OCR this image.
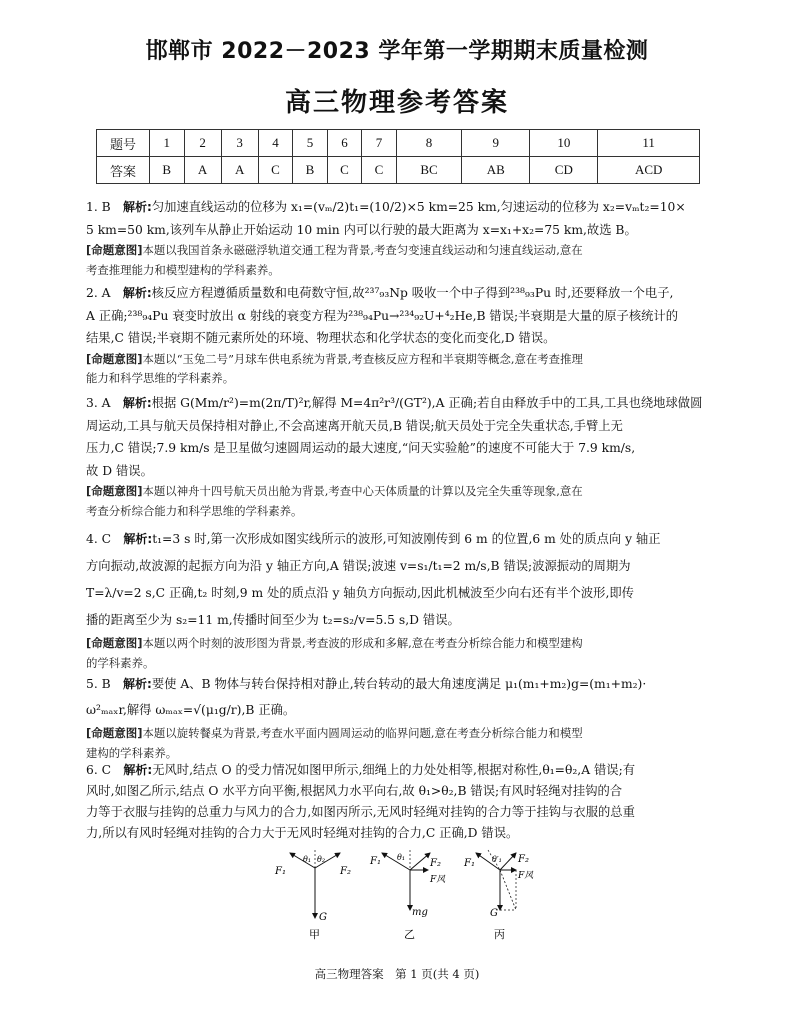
邯郸市 2022－2023 学年第一学期期末质量检测
高三物理参考答案
题号	1	2	3	4	5	6	7	8	9	10	11
答案	B	A	A	C	B	C	C	BC	AB	CD	ACD

1. B　 解析:匀加速直线运动的位移为 x₁=(vₘ/2)t₁=(10/2)×5 km=25 km,匀速运动的位移为 x₂=vₘt₂=10×

5 km=50 km,该列车从静止开始运动 10 min 内可以行驶的最大距离为 x=x₁+x₂=75 km,故选 B。

[命题意图]本题以我国首条永磁磁浮轨道交通工程为背景,考查匀变速直线运动和匀速直线运动,意在

考查推理能力和模型建构的学科素养。

2. A　 解析:核反应方程遵循质量数和电荷数守恒,故²³⁷₉₃Np 吸收一个中子得到²³⁸₉₃Pu 时,还要释放一个电子,

A 正确;²³⁸₉₄Pu 衰变时放出 α 射线的衰变方程为²³⁸₉₄Pu→²³⁴₉₂U+⁴₂He,B 错误;半衰期是大量的原子核统计的

结果,C 错误;半衰期不随元素所处的环境、物理状态和化学状态的变化而变化,D 错误。

[命题意图]本题以“玉兔二号”月球车供电系统为背景,考查核反应方程和半衰期等概念,意在考查推理

能力和科学思维的学科素养。

3. A　 解析:根据 G(Mm/r²)=m(2π/T)²r,解得 M=4π²r³/(GT²),A 正确;若自由释放手中的工具,工具也绕地球做圆

周运动,工具与航天员保持相对静止,不会高速离开航天员,B 错误;航天员处于完全失重状态,手臂上无

压力,C 错误;7.9 km/s 是卫星做匀速圆周运动的最大速度,“问天实验舱”的速度不可能大于 7.9 km/s,

故 D 错误。

[命题意图]本题以神舟十四号航天员出舱为背景,考查中心天体质量的计算以及完全失重等现象,意在

考查分析综合能力和科学思维的学科素养。

4. C　 解析:t₁=3 s 时,第一次形成如图实线所示的波形,可知波刚传到 6 m 的位置,6 m 处的质点向 y 轴正

方向振动,故波源的起振方向为沿 y 轴正方向,A 错误;波速 v=s₁/t₁=2 m/s,B 错误;波源振动的周期为

T=λ/v=2 s,C 正确,t₂ 时刻,9 m 处的质点沿 y 轴负方向振动,因此机械波至少向右还有半个波形,即传

播的距离至少为 s₂=11 m,传播时间至少为 t₂=s₂/v=5.5 s,D 错误。

[命题意图]本题以两个时刻的波形图为背景,考查波的形成和多解,意在考查分析综合能力和模型建构

的学科素养。

5. B　 解析:要使 A、B 物体与转台保持相对静止,转台转动的最大角速度满足 μ₁(m₁+m₂)g=(m₁+m₂)·

ω²ₘₐₓr,解得 ωₘₐₓ=√(μ₁g/r),B 正确。

[命题意图]本题以旋转餐桌为背景,考查水平面内圆周运动的临界问题,意在考查分析综合能力和模型

建构的学科素养。

6. C　 解析:无风时,结点 O 的受力情况如图甲所示,细绳上的力处处相等,根据对称性,θ₁=θ₂,A 错误;有

风时,如图乙所示,结点 O 水平方向平衡,根据风力水平向右,故 θ₁>θ₂,B 错误;有风时轻绳对挂钩的合

力等于衣服与挂钩的总重力与风力的合力,如图丙所示,无风时轻绳对挂钩的合力等于挂钩与衣服的总重

力,所以有风时轻绳对挂钩的合力大于无风时轻绳对挂钩的合力,C 正确,D 错误。

F₁	F₂
θ₁ θ₂
G
甲
F₁	F₂
θ₁
F风
mg
乙
F₁	F₂
θ′₁
F风
G
丙
高三物理答案　第 1 页(共 4 页)
